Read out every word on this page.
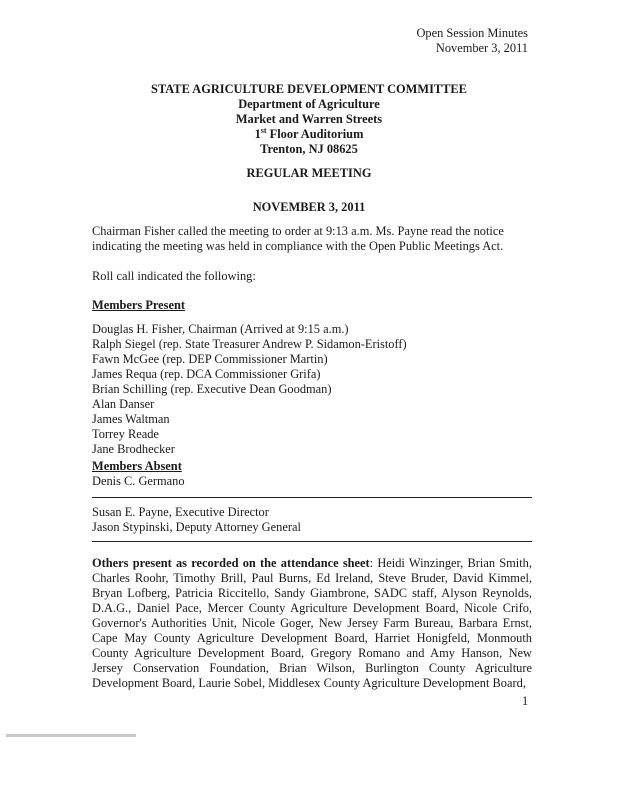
Open Session Minutes
November 3, 2011
STATE AGRICULTURE DEVELOPMENT COMMITTEE
Department of Agriculture
Market and Warren Streets
1st Floor Auditorium
Trenton, NJ 08625
REGULAR MEETING
NOVEMBER 3, 2011
Chairman Fisher called the meeting to order at 9:13 a.m. Ms. Payne read the notice indicating the meeting was held in compliance with the Open Public Meetings Act.
Roll call indicated the following:
Members Present
Douglas H. Fisher, Chairman (Arrived at 9:15 a.m.)
Ralph Siegel (rep. State Treasurer Andrew P. Sidamon-Eristoff)
Fawn McGee (rep. DEP Commissioner Martin)
James Requa (rep. DCA Commissioner Grifa)
Brian Schilling (rep. Executive Dean Goodman)
Alan Danser
James Waltman
Torrey Reade
Jane Brodhecker
Members Absent
Denis C. Germano
Susan E. Payne, Executive Director
Jason Stypinski, Deputy Attorney General
Others present as recorded on the attendance sheet: Heidi Winzinger, Brian Smith, Charles Roohr, Timothy Brill, Paul Burns, Ed Ireland, Steve Bruder, David Kimmel, Bryan Lofberg, Patricia Riccitello, Sandy Giambrone, SADC staff, Alyson Reynolds, D.A.G., Daniel Pace, Mercer County Agriculture Development Board, Nicole Crifo, Governor's Authorities Unit, Nicole Goger, New Jersey Farm Bureau, Barbara Ernst, Cape May County Agriculture Development Board, Harriet Honigfeld, Monmouth County Agriculture Development Board, Gregory Romano and Amy Hanson, New Jersey Conservation Foundation, Brian Wilson, Burlington County Agriculture Development Board, Laurie Sobel, Middlesex County Agriculture Development Board,
1
